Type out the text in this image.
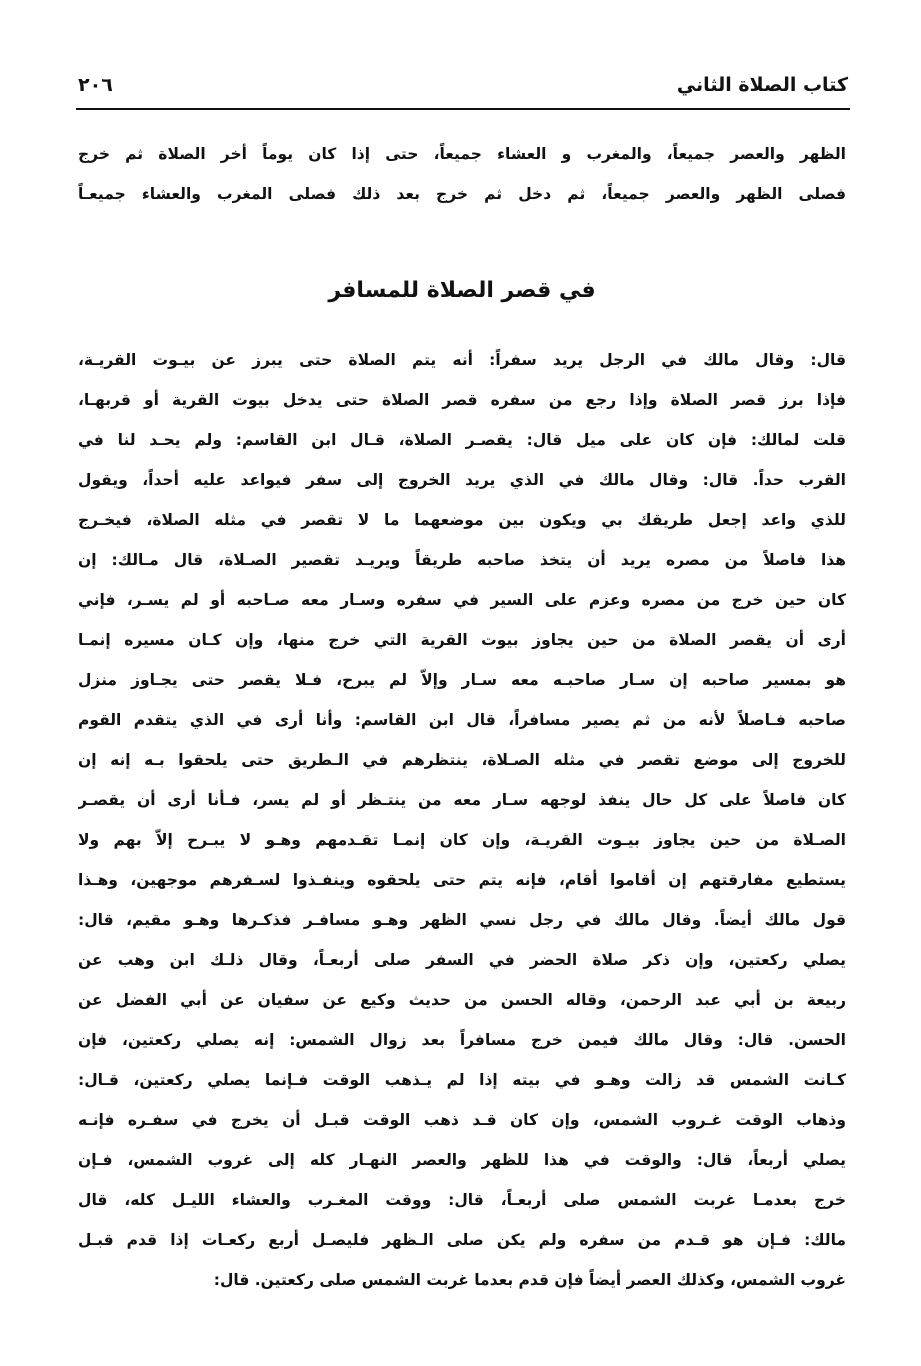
كتاب الصلاة الثاني
٢٠٦
الظهر والعصر جميعاً، والمغرب و العشاء جميعاً، حتى إذا كان يوماً أخر الصلاة ثم خرج
فصلى الظهر والعصر جميعاً، ثم دخل ثم خرج بعد ذلك فصلى المغرب والعشاء جميعـاً
في قصر الصلاة للمسافر
قال: وقال مالك في الرجل يريد سفراً: أنه يتم الصلاة حتى يبرز عن بيـوت القريـة،
فإذا برز قصر الصلاة وإذا رجع من سفره قصر الصلاة حتى يدخل بيوت القرية أو قربهـا،
قلت لمالك: فإن كان على ميل قال: يقصـر الصلاة، قـال ابن القاسم: ولم يحـد لنا في
القرب حداً. قال: وقال مالك في الذي يريد الخروج إلى سفر فيواعد عليه أحداً، ويقول
للذي واعد إجعل طريقك بي ويكون بين موضعهما ما لا تقصر في مثله الصلاة، فيخـرج
هذا فاصلاً من مصره يريد أن يتخذ صاحبه طريقاً ويريـد تقصير الصـلاة، قال مـالك: إن
كان حين خرج من مصره وعزم على السير في سفره وسـار معه صـاحبه أو لم يسـر، فإني
أرى أن يقصر الصلاة من حين يجاوز بيوت القرية التي خرج منها، وإن كـان مسيره إنمـا
هو بمسير صاحبه إن سـار صاحبـه معه سـار وإلاّ لم يبرح، فـلا يقصر حتى يجـاوز منزل
صاحبه فـاصلاً لأنه من ثم يصير مسافراً، قال ابن القاسم: وأنا أرى في الذي يتقدم القوم
للخروج إلى موضع تقصر في مثله الصـلاة، ينتظرهم في الـطريق حتى يلحقوا بـه إنه إن
كان فاصلاً على كل حال ينفذ لوجهه سـار معه من ينتـظر أو لم يسر، فـأنا أرى أن يقصـر
الصـلاة من حين يجاوز بيـوت القريـة، وإن كان إنمـا تقـدمهم وهـو لا يبـرح إلاّ بهم ولا
يستطيع مفارقتهم إن أقاموا أقام، فإنه يتم حتى يلحقوه وينفـذوا لسـفرهم موجهين، وهـذا
قول مالك أيضاً. وقال مالك في رجل نسي الظهر وهـو مسافـر فذكـرها وهـو مقيم، قال:
يصلي ركعتين، وإن ذكر صلاة الحضر في السفر صلى أربعـاً، وقال ذلـك ابن وهب عن
ربيعة بن أبي عبد الرحمن، وقاله الحسن من حديث وكيع عن سفيان عن أبي الفضل عن
الحسن. قال: وقال مالك فيمن خرج مسافراً بعد زوال الشمس: إنه يصلي ركعتين، فإن
كـانت الشمس قد زالت وهـو في بيته إذا لم يـذهب الوقت فـإنما يصلي ركعتين، قـال:
وذهاب الوقت غـروب الشمس، وإن كان قـد ذهب الوقت قبـل أن يخرج في سفـره فإنـه
يصلي أربعاً، قال: والوقت في هذا للظهر والعصر النهـار كله إلى غروب الشمس، فـإن
خرج بعدمـا غربت الشمس صلى أربعـاً، قال: ووقت المغـرب والعشاء الليـل كله، قال
مالك: فـإن هو قـدم من سفره ولم يكن صلى الـظهر فليصـل أربع ركعـات إذا قدم قبـل
غروب الشمس، وكذلك العصر أيضاً فإن قدم بعدما غربت الشمس صلى ركعتين. قال:
